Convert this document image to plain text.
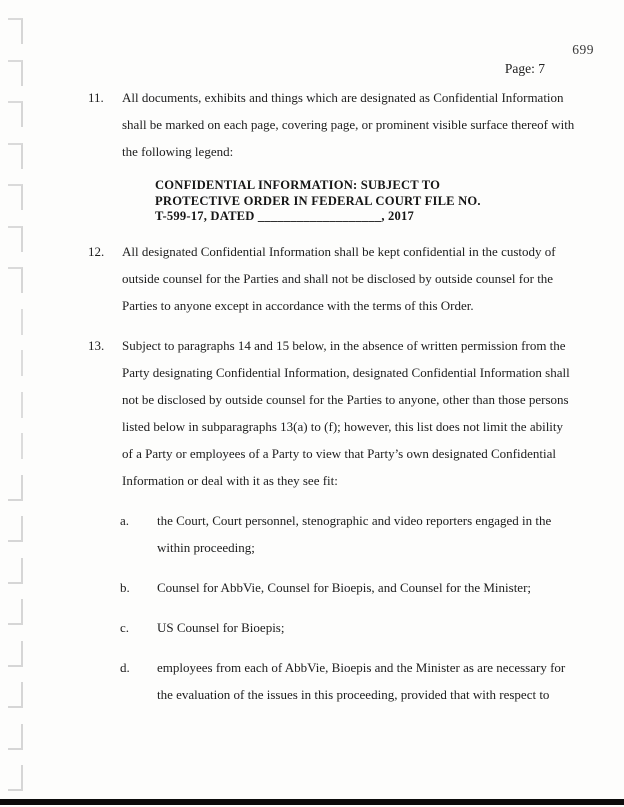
699
Page: 7
11.	All documents, exhibits and things which are designated as Confidential Information
shall be marked on each page, covering page, or prominent visible surface thereof with
the following legend:
CONFIDENTIAL INFORMATION: SUBJECT TO
PROTECTIVE ORDER IN FEDERAL COURT FILE NO.
T-599-17, DATED ___________________, 2017
12.	All designated Confidential Information shall be kept confidential in the custody of
outside counsel for the Parties and shall not be disclosed by outside counsel for the
Parties to anyone except in accordance with the terms of this Order.
13.	Subject to paragraphs 14 and 15 below, in the absence of written permission from the
Party designating Confidential Information, designated Confidential Information shall
not be disclosed by outside counsel for the Parties to anyone, other than those persons
listed below in subparagraphs 13(a) to (f); however, this list does not limit the ability
of a Party or employees of a Party to view that Party’s own designated Confidential
Information or deal with it as they see fit:
a.	the Court, Court personnel, stenographic and video reporters engaged in the
within proceeding;
b.	Counsel for AbbVie, Counsel for Bioepis, and Counsel for the Minister;
c.	US Counsel for Bioepis;
d.	employees from each of AbbVie, Bioepis and the Minister as are necessary for
the evaluation of the issues in this proceeding, provided that with respect to
